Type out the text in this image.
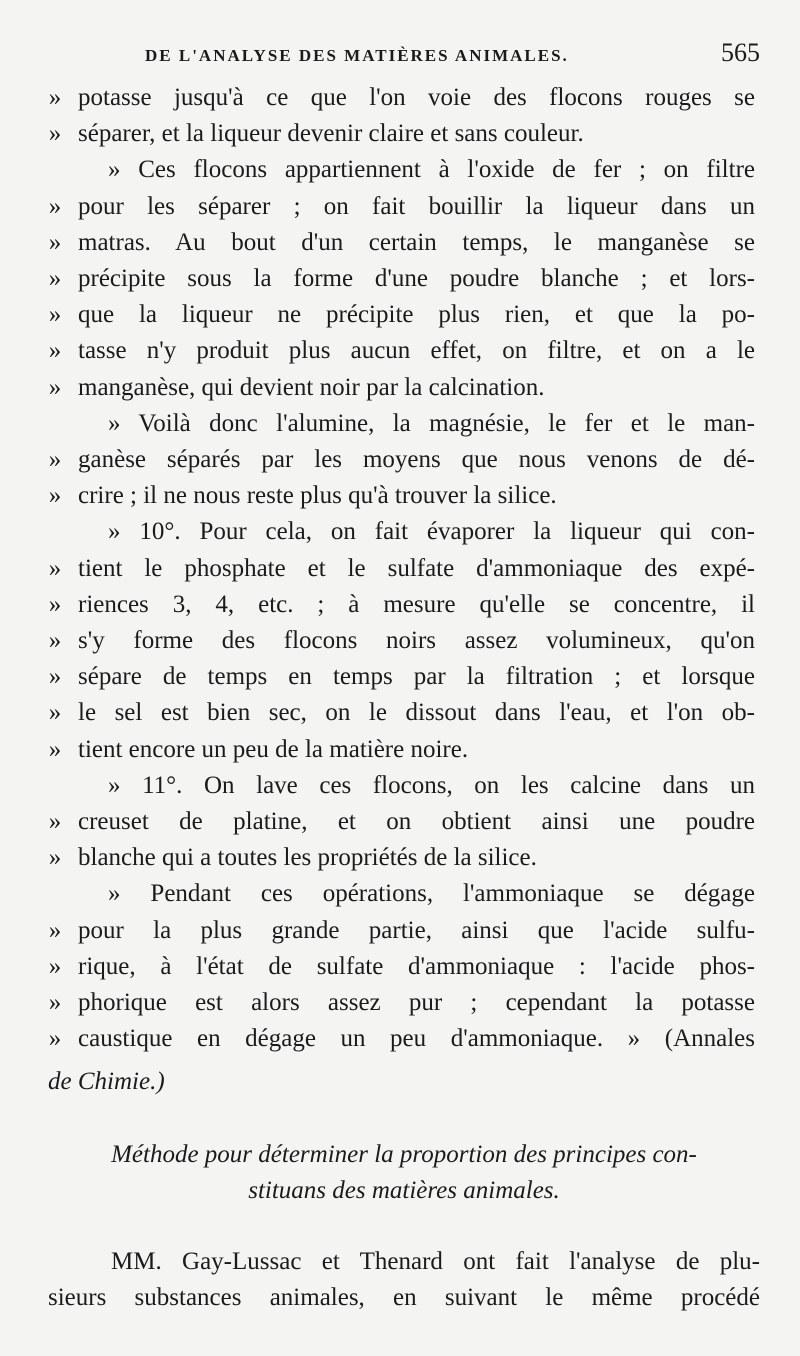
DE L'ANALYSE DES MATIÈRES ANIMALES.	565
» potasse jusqu'à ce que l'on voie des flocons rouges se
» séparer, et la liqueur devenir claire et sans couleur.
» Ces flocons appartiennent à l'oxide de fer ; on filtre
» pour les séparer ; on fait bouillir la liqueur dans un
» matras. Au bout d'un certain temps, le manganèse se
» précipite sous la forme d'une poudre blanche ; et lors-
» que la liqueur ne précipite plus rien, et que la po-
» tasse n'y produit plus aucun effet, on filtre, et on a le
» manganèse, qui devient noir par la calcination.
» Voilà donc l'alumine, la magnésie, le fer et le man-
» ganèse séparés par les moyens que nous venons de dé-
» crire ; il ne nous reste plus qu'à trouver la silice.
» 10°. Pour cela, on fait évaporer la liqueur qui con-
» tient le phosphate et le sulfate d'ammoniaque des expé-
» riences 3, 4, etc. ; à mesure qu'elle se concentre, il
» s'y forme des flocons noirs assez volumineux, qu'on
» sépare de temps en temps par la filtration ; et lorsque
» le sel est bien sec, on le dissout dans l'eau, et l'on ob-
» tient encore un peu de la matière noire.
» 11°. On lave ces flocons, on les calcine dans un
» creuset de platine, et on obtient ainsi une poudre
» blanche qui a toutes les propriétés de la silice.
» Pendant ces opérations, l'ammoniaque se dégage
» pour la plus grande partie, ainsi que l'acide sulfu-
» rique, à l'état de sulfate d'ammoniaque : l'acide phos-
» phorique est alors assez pur ; cependant la potasse
» caustique en dégage un peu d'ammoniaque. » (Annales
de Chimie.)
Méthode pour déterminer la proportion des principes con-
stituans des matières animales.
MM. Gay-Lussac et Thenard ont fait l'analyse de plu-
sieurs substances animales, en suivant le même procédé
